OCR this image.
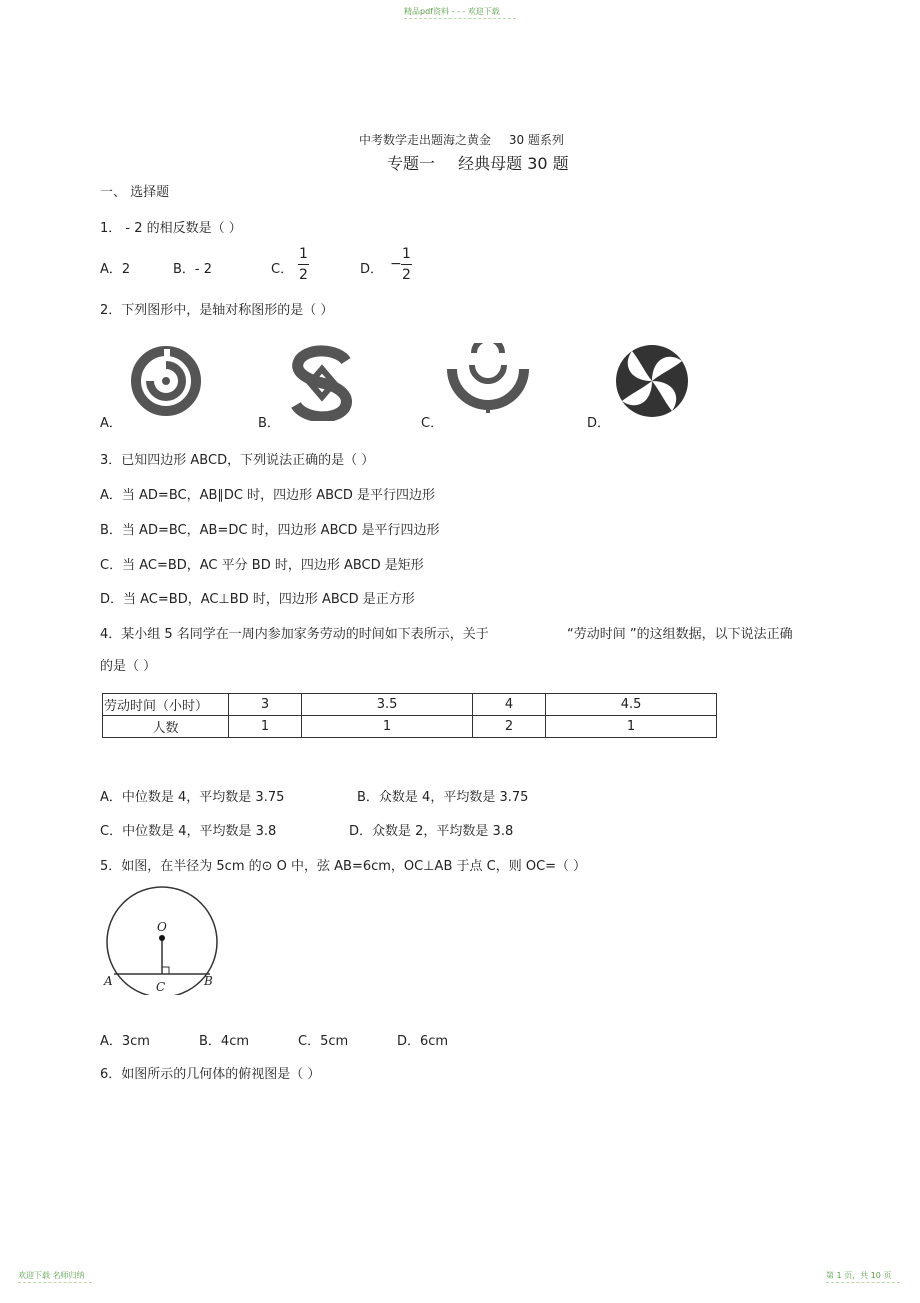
精品pdf资料 - - - 欢迎下载
欢迎下载 名师归纳	第 1 页，共 10 页
中考数学走出题海之黄金 30 题系列
专题一 经典母题 30 题
一、 选择题
1． - 2 的相反数是（ ）
A．2	B．- 2	C．
1
2	D． −
1
2
2．下列图形中，是轴对称图形的是（ ）
A．	B．	C．	D．
3．已知四边形 ABCD，下列说法正确的是（ ）
A．当 AD=BC，AB∥DC 时，四边形 ABCD 是平行四边形
B．当 AD=BC，AB=DC 时，四边形 ABCD 是平行四边形
C．当 AC=BD，AC 平分 BD 时，四边形 ABCD 是矩形
D．当 AC=BD，AC⊥BD 时，四边形 ABCD 是正方形
4．某小组 5 名同学在一周内参加家务劳动的时间如下表所示，关于	“劳动时间 ”的这组数据，以下说法正确
的是（ ）
劳动时间（小时）	3	3.5	4	4.5
人数	1	1	2	1
A．中位数是 4，平均数是 3.75	B．众数是 4，平均数是 3.75
C．中位数是 4，平均数是 3.8	D．众数是 2，平均数是 3.8
5．如图，在半径为 5cm 的⊙ O 中，弦 AB=6cm，OC⊥AB 于点 C，则 OC=（ ）
O
A	B
C
A．3cm	B．4cm	C．5cm	D．6cm
6．如图所示的几何体的俯视图是（ ）
